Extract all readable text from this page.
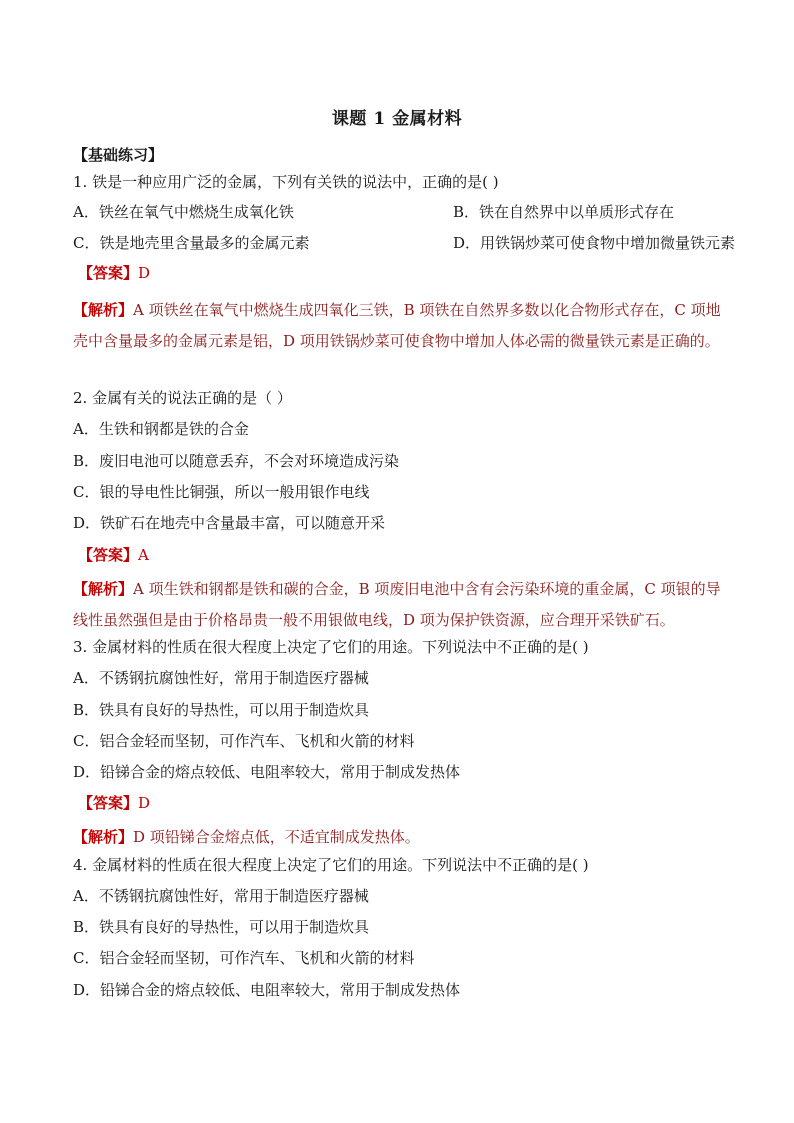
课题 1 金属材料
【基础练习】
1. 铁是一种应用广泛的金属，下列有关铁的说法中，正确的是( )
A．铁丝在氧气中燃烧生成氧化铁	B．铁在自然界中以单质形式存在
C．铁是地壳里含量最多的金属元素	D．用铁锅炒菜可使食物中增加微量铁元素
【答案】D
【解析】A 项铁丝在氧气中燃烧生成四氧化三铁，B 项铁在自然界多数以化合物形式存在，C 项地壳中含量最多的金属元素是铝，D 项用铁锅炒菜可使食物中增加人体必需的微量铁元素是正确的。
2. 金属有关的说法正确的是（ ）
A．生铁和钢都是铁的合金
B．废旧电池可以随意丢弃，不会对环境造成污染
C．银的导电性比铜强，所以一般用银作电线
D．铁矿石在地壳中含量最丰富，可以随意开采
【答案】A
【解析】A 项生铁和钢都是铁和碳的合金，B 项废旧电池中含有会污染环境的重金属，C 项银的导线性虽然强但是由于价格昂贵一般不用银做电线，D 项为保护铁资源，应合理开采铁矿石。
3. 金属材料的性质在很大程度上决定了它们的用途。下列说法中不正确的是( )
A．不锈钢抗腐蚀性好，常用于制造医疗器械
B．铁具有良好的导热性，可以用于制造炊具
C．铝合金轻而坚韧，可作汽车、飞机和火箭的材料
D．铅锑合金的熔点较低、电阻率较大，常用于制成发热体
【答案】D
【解析】D 项铅锑合金熔点低，不适宜制成发热体。
4. 金属材料的性质在很大程度上决定了它们的用途。下列说法中不正确的是( )
A．不锈钢抗腐蚀性好，常用于制造医疗器械
B．铁具有良好的导热性，可以用于制造炊具
C．铝合金轻而坚韧，可作汽车、飞机和火箭的材料
D．铅锑合金的熔点较低、电阻率较大，常用于制成发热体
